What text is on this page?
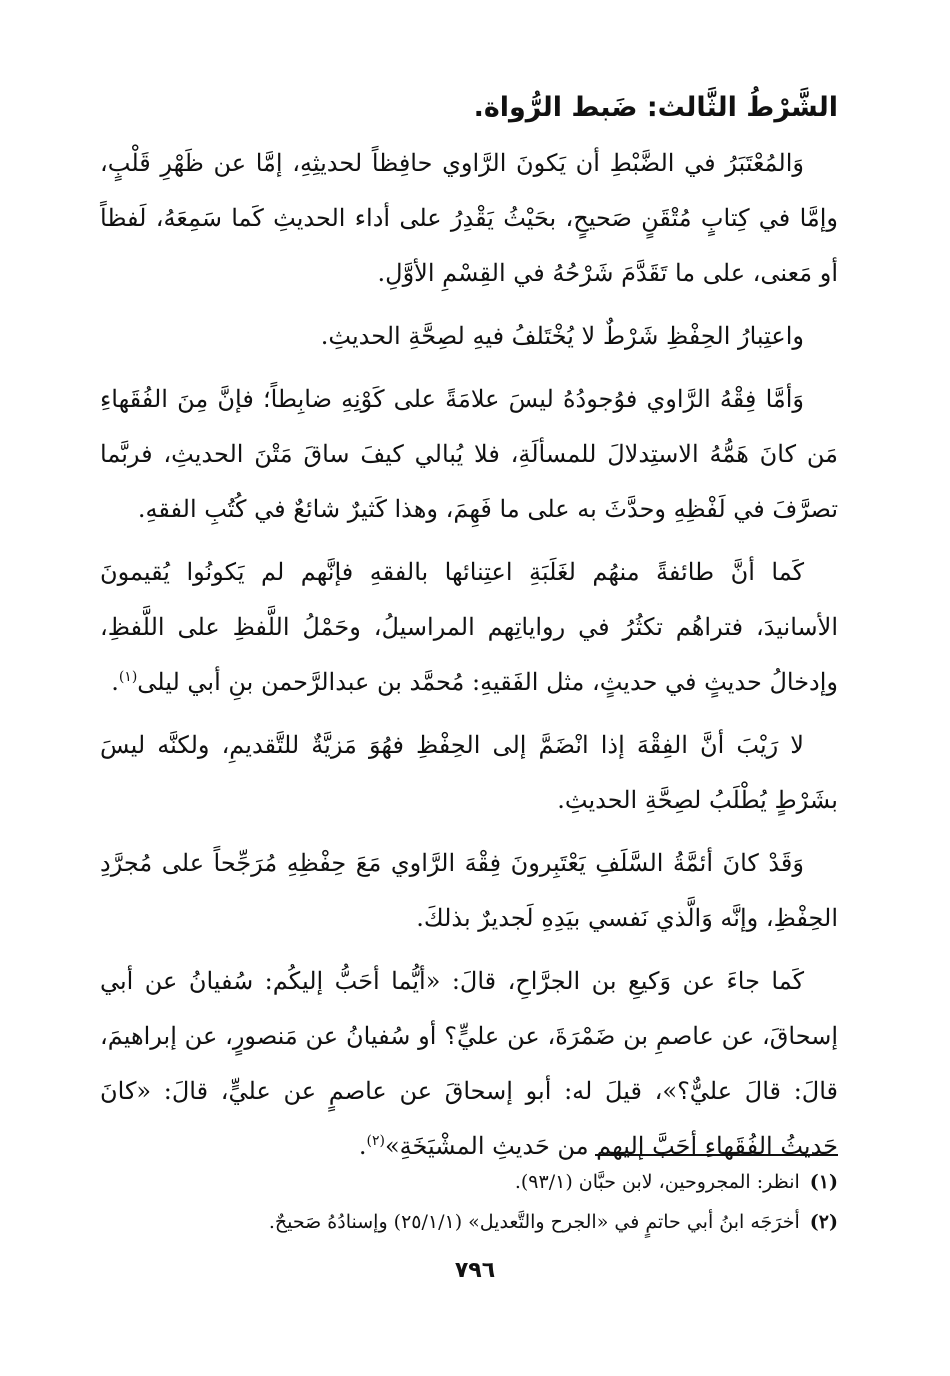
الشَّرْطُ الثَّالث: ضَبط الرُّواة.

وَالمُعْتَبَرُ في الضَّبْطِ أن يَكونَ الرَّاوي حافِظاً لحديثِهِ، إمَّا عن ظَهْرِ قَلْبٍ، وإمَّا في كِتابٍ مُتْقَنٍ صَحيحٍ، بحَيْثُ يَقْدِرُ على أداء الحديثِ كَما سَمِعَهُ، لَفظاً أو مَعنى، على ما تَقَدَّمَ شَرْحُهُ في القِسْمِ الأوَّلِ.

واعتِبارُ الحِفْظِ شَرْطٌ لا يُخْتَلفُ فيهِ لصِحَّةِ الحديثِ.

وَأمَّا فِقْهُ الرَّاوي فوُجودُهُ ليسَ علامَةً على كَوْنِهِ ضابِطاً؛ فإنَّ مِنَ الفُقَهاءِ مَن كانَ هَمُّهُ الاستِدلالَ للمسألَةِ، فلا يُبالي كيفَ ساقَ مَتْنَ الحديثِ، فربَّما تصرَّفَ في لَفْظِهِ وحدَّثَ به على ما فَهِمَ، وهذا كَثيرٌ شائعٌ في كُتُبِ الفقهِ.

كَما أنَّ طائفةً منهُم لغَلَبَةِ اعتِنائها بالفقهِ فإنَّهم لم يَكونُوا يُقيمونَ الأسانيدَ، فتراهُم تكثُرُ في رواياتِهم المراسيلُ، وحَمْلُ اللَّفظِ على اللَّفظِ، وإدخالُ حديثٍ في حديثٍ، مثل الفَقيهِ: مُحمَّد بن عبدالرَّحمن بنِ أبي ليلى$^{(١)}$.

لا رَيْبَ أنَّ الفِقْهَ إذا انْضَمَّ إلى الحِفْظِ فهُوَ مَزيَّةٌ للتَّقديمِ، ولكنَّه ليسَ بشَرْطٍ يُطْلَبُ لصِحَّةِ الحديثِ.

وَقَدْ كانَ أئمَّةُ السَّلَفِ يَعْتَبِرونَ فِقْهَ الرَّاوي مَعَ حِفْظِهِ مُرَجِّحاً على مُجرَّدِ الحِفْظِ، وإنَّه وَالَّذي نَفسي بيَدِهِ لَجديرٌ بذلكَ.

كَما جاءَ عن وَكيعِ بن الجرَّاحِ، قالَ: «أيُّما أحَبُّ إليكُم: سُفيانُ عن أبي إسحاقَ، عن عاصمِ بن ضَمْرَةَ، عن عليٍّ؟ أو سُفيانُ عن مَنصورٍ، عن إبراهيمَ، قالَ: قالَ عليٌّ؟»، قيلَ له: أبو إسحاقَ عن عاصمٍ عن عليٍّ، قالَ: «كانَ حَديثُ الفُقَهاءِ أحَبَّ إليهم من حَديثِ المشْيَخَةِ»$^{(٢)}$.

(١)انظر: المجروحين، لابن حبَّان (٩٣/١).

(٢)أخرَجَه ابنُ أبي حاتمٍ في «الجرح والتَّعديل» (٢٥/١/١) وإسنادُهُ صَحيحٌ.

٧٩٦
